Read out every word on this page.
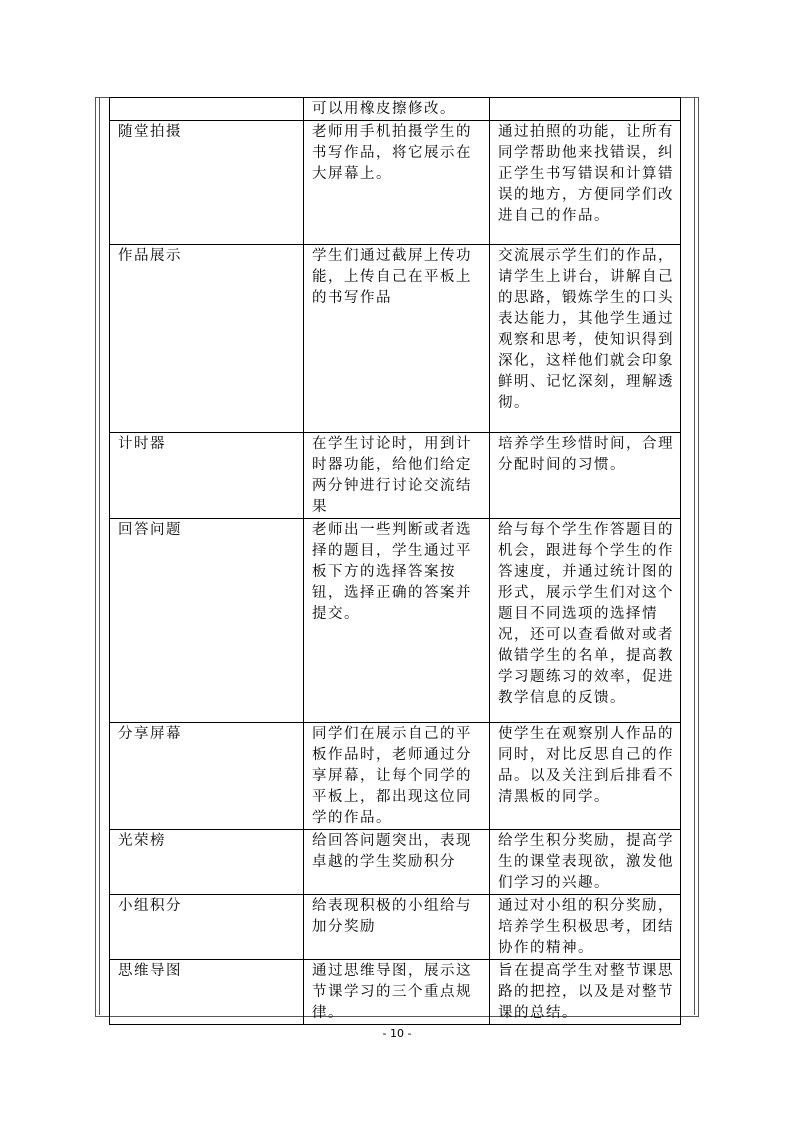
	可以用橡皮擦修改。	
随堂拍摄	老师用手机拍摄学生的书写作品，将它展示在大屏幕上。	通过拍照的功能，让所有同学帮助他来找错误，纠正学生书写错误和计算错误的地方，方便同学们改进自己的作品。
作品展示	学生们通过截屏上传功能，上传自己在平板上的书写作品	交流展示学生们的作品，请学生上讲台，讲解自己的思路，锻炼学生的口头表达能力，其他学生通过观察和思考，使知识得到深化，这样他们就会印象鲜明、记忆深刻，理解透彻。
计时器	在学生讨论时，用到计时器功能，给他们给定两分钟进行讨论交流结果	培养学生珍惜时间，合理分配时间的习惯。
回答问题	老师出一些判断或者选择的题目，学生通过平板下方的选择答案按钮，选择正确的答案并提交。	给与每个学生作答题目的机会，跟进每个学生的作答速度，并通过统计图的形式，展示学生们对这个题目不同选项的选择情况，还可以查看做对或者做错学生的名单，提高教学习题练习的效率，促进教学信息的反馈。
分享屏幕	同学们在展示自己的平板作品时，老师通过分享屏幕，让每个同学的平板上，都出现这位同学的作品。	使学生在观察别人作品的同时，对比反思自己的作品。以及关注到后排看不清黑板的同学。
光荣榜	给回答问题突出，表现卓越的学生奖励积分	给学生积分奖励，提高学生的课堂表现欲，激发他们学习的兴趣。
小组积分	给表现积极的小组给与加分奖励	通过对小组的积分奖励，培养学生积极思考，团结协作的精神。
思维导图	通过思维导图，展示这节课学习的三个重点规律。	旨在提高学生对整节课思路的把控，以及是对整节课的总结。
- 10 -
